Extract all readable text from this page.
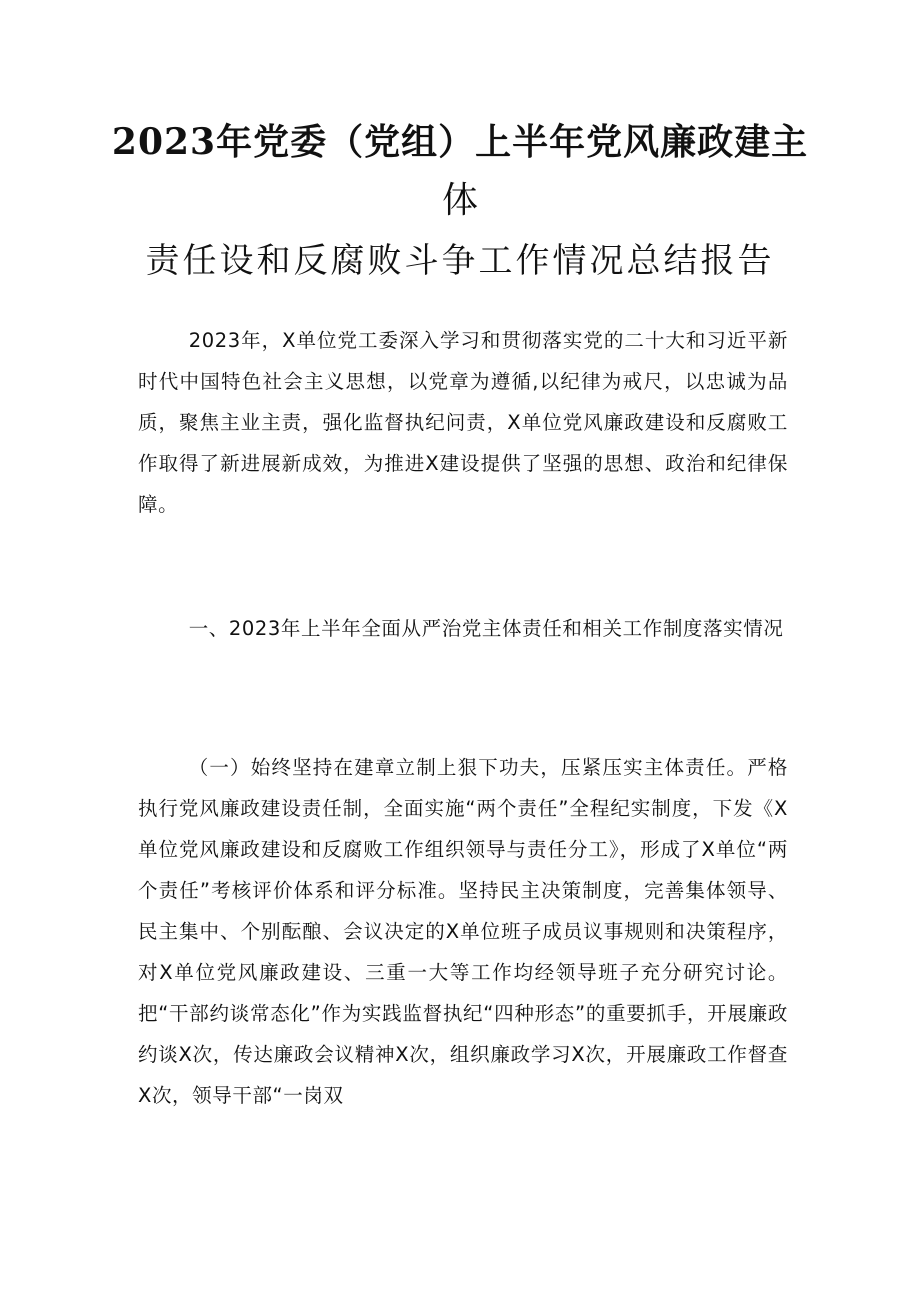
2023年党委（党组）上半年党风廉政建主
体
责任设和反腐败斗争工作情况总结报告
2023年，X单位党工委深入学习和贯彻落实党的二十大和习近平新时代中国特色社会主义思想，以党章为遵循,以纪律为戒尺，以忠诚为品质，聚焦主业主责，强化监督执纪问责，X单位党风廉政建设和反腐败工作取得了新进展新成效，为推进X建设提供了坚强的思想、政治和纪律保障。
一、2023年上半年全面从严治党主体责任和相关工作制度落实情况
（一）始终坚持在建章立制上狠下功夫，压紧压实主体责任。严格执行党风廉政建设责任制，全面实施“两个责任”全程纪实制度，下发《X单位党风廉政建设和反腐败工作组织领导与责任分工》，形成了X单位“两个责任”考核评价体系和评分标准。坚持民主决策制度，完善集体领导、民主集中、个别酝酿、会议决定的X单位班子成员议事规则和决策程序，对X单位党风廉政建设、三重一大等工作均经领导班子充分研究讨论。把“干部约谈常态化”作为实践监督执纪“四种形态”的重要抓手，开展廉政约谈X次，传达廉政会议精神X次，组织廉政学习X次，开展廉政工作督查X次，领导干部“一岗双
